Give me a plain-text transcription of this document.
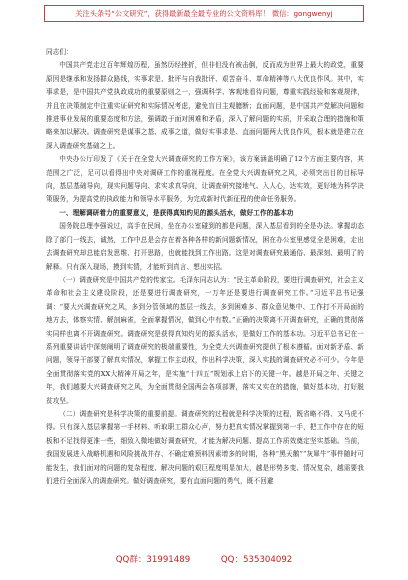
关注头条号“公文研究”，获得最新最全最专业的公文资料库！ 微信：gongwenyj

同志们：

中国共产党走过百年辉煌历程，虽然历经挫折，但非但没有被击倒，反而成为世界上最大的政党，重要原因是继承和发扬群众路线，实事求是、批评与自我批评、艰苦奋斗、革命精神等八大优良作风。其中，实事求是，是中国共产党执政成功的重要原则之一，强调科学、客观地看待问题，尊重实践经验和客观规律，并且在决策制定中注重实证研究和实际情况考虑，避免盲目主观臆断；直面问题，是中国共产党解决问题和推进事业发展的重要态度和方法，强调敢于面对困难和矛盾，深入了解问题的实质，并采取合理的措施和策略来加以解决。调查研究是谋事之基、成事之道，做好实事求是、直面问题两大优良作风，根本就是建立在深入调查研究基础之上。

中央办公厅印发了《关于在全党大兴调查研究的工作方案》，该方案涵盖明确了12个方面主要内容，其范围之广泛，足可以看得出中央对调研工作的重视程度。在全党大兴调查研究之风，必须突出目的目标导向，基层基础导向，现实问题导向、求实求真导向，让调查研究接地气、入人心，达实效，更好地为科学决策服务，为提高党的执政能力和领导水平服务，为完成新时代新征程的使命任务服务。

一、理解调研着力的重要意义，是获得真知灼见的源头活水，做好工作的基本功

国务院总理李强说过，高手在民间，坐在办公室碰到的都是问题，深入基层看到的全是办法。掌握动态除了部门一线去，诚然，工作中总是会存在着各种各样的新问题新情况，困在办公室里感觉全是困难，走出去调查研究却总能启发思维、打开思路，也就能找到工作出路。这是对调查研究最通俗、最深刻、最明了的解释。只有深入现场，摸到实情，才能听到真言、想出实招。

（一）调查研究是中国共产党的传家宝。毛泽东同志认为：“民主革命阶段，要进行调查研究，社会主义革命和社会主义建设阶段，还是要进行调查研究，一万年还是要进行调查研究工作。”习近平总书记强调：“要大兴调查研究之风，多到分管领域的基层一线去，多到困难多、群众意见集中、工作打不开局面的地方去，体察实情、解剖麻雀，全面掌握情况，做到心中有数。”正确的决策离不开调查研究，正确的贯彻落实同样也离不开调查研究。调查研究是获得真知灼见的源头活水，是做好工作的基本功。习近平总书记在一系列重要讲话中深刻阐明了调查研究的极端重要性，为全党大兴调查研究提供了根本遵循。面对新矛盾、新问题，领导干部要了解真实情况，掌握工作主动权，作出科学决策，深入实践的调查研究必不可少。今年是全面贯彻落实党的XX大精神开局之年，是实施“十四五”规划承上启下的关键一年。越是开局之年、关键之年，我们越要大兴调查研究之风，为全面贯彻全国两会各项部署，落实又实在的措施，做好基本功，打好脱贫攻坚。

（二）调查研究是科学决策的重要前提。调查研究的过程就是科学决策的过程，既省略不得、又马虎不得。只有深入基层掌握第一手材料、听取职工群众心声，努力把真实情况掌握到第一手，把工作中存在的短板和不足找得更准一些，细致入微地做好调查研究，才能为解决问题、提高工作质效奠定坚实基础。当前，我国发展进入战略机遇和风险挑战并存、不确定难预料因素增多的时期，各种“黑天鹅”“灰犀牛”事件随时可能发生，我们面对的问题的复杂程度、解决问题的艰巨程度明显加大，越是形势多变、情况复杂，越需要我们进行全面深入的调查研究。做好调查研究，要有直面问题的勇气，既不回避

QQ群：31991489	QQ：535304092
